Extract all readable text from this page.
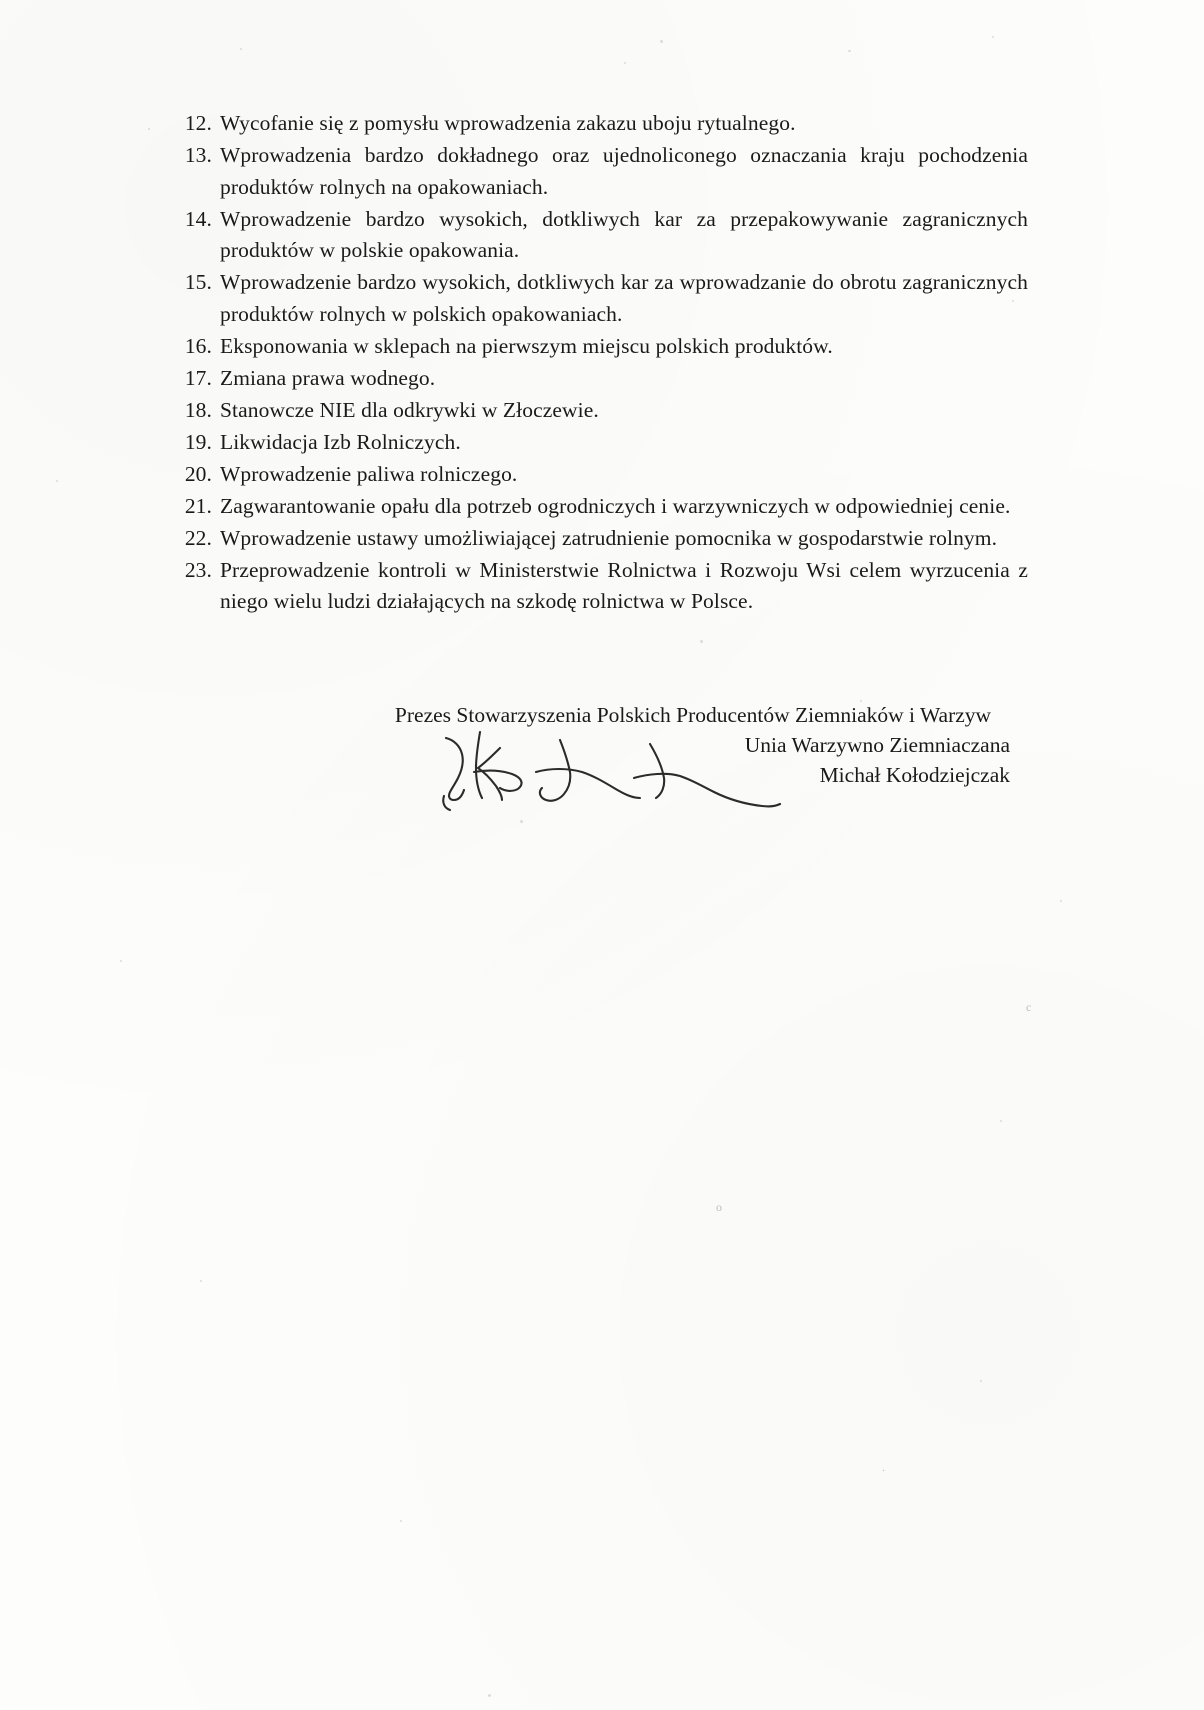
c
o
.
12. Wycofanie się z pomysłu wprowadzenia zakazu uboju rytualnego.
13. Wprowadzenia bardzo dokładnego oraz ujednoliconego oznaczania kraju pochodzenia produktów rolnych na opakowaniach.
14. Wprowadzenie bardzo wysokich, dotkliwych kar za przepakowywanie zagranicznych produktów w polskie opakowania.
15. Wprowadzenie bardzo wysokich, dotkliwych kar za wprowadzanie do obrotu zagranicznych produktów rolnych w polskich opakowaniach.
16. Eksponowania w sklepach na pierwszym miejscu polskich produktów.
17. Zmiana prawa wodnego.
18. Stanowcze NIE dla odkrywki w Złoczewie.
19. Likwidacja Izb Rolniczych.
20. Wprowadzenie paliwa rolniczego.
21. Zagwarantowanie opału dla potrzeb ogrodniczych i warzywniczych w odpowiedniej cenie.
22. Wprowadzenie ustawy umożliwiającej zatrudnienie pomocnika w gospodarstwie rolnym.
23. Przeprowadzenie kontroli w Ministerstwie Rolnictwa i Rozwoju Wsi celem wyrzucenia z niego wielu ludzi działających na szkodę rolnictwa w Polsce.
Prezes Stowarzyszenia Polskich Producentów Ziemniaków i Warzyw
Unia Warzywno Ziemniaczana
Michał Kołodziejczak
